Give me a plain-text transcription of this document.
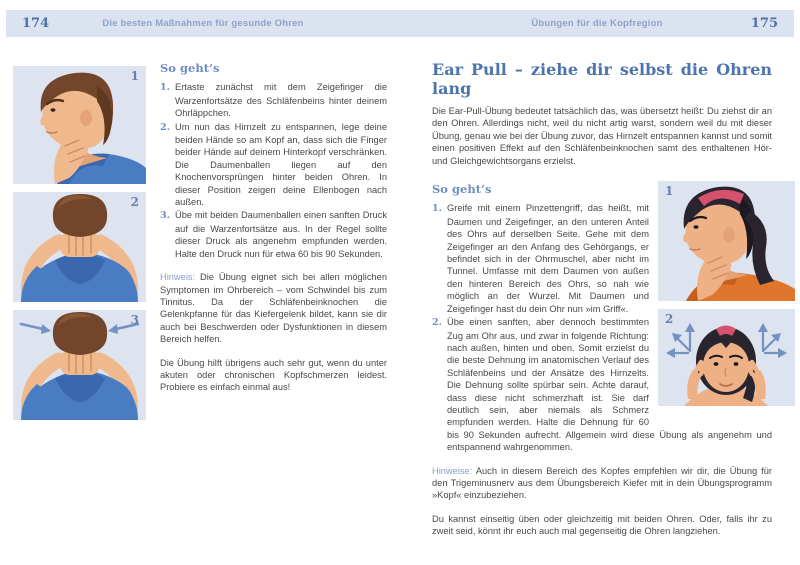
174	Die besten Maßnahmen für gesunde Ohren	Übungen für die Kopfregion	175
1
2
3
So geht’s

1. Ertaste zunächst mit dem Zeigefinger die Warzenfortsätze des Schläfenbeins hinter deinem Ohrläppchen.

2. Um nun das Hirnzelt zu entspannen, lege deine beiden Hände so am Kopf an, dass sich die Finger beider Hände auf deinem Hinterkopf verschränken. Die Daumenballen liegen auf den Knochenvorsprüngen hinter beiden Ohren. In dieser Position zeigen deine Ellenbogen nach außen.

3. Übe mit beiden Daumenballen einen sanften Druck auf die Warzenfortsätze aus. In der Regel sollte dieser Druck als angenehm empfunden werden. Halte den Druck nun für etwa 60 bis 90 Sekunden.

Hinweis: Die Übung eignet sich bei allen möglichen Symptomen im Ohrbereich – vom Schwindel bis zum Tinnitus. Da der Schläfenbeinknochen die Gelenkpfanne für das Kiefergelenk bildet, kann sie dir auch bei Beschwerden oder Dysfunktionen in diesem Bereich helfen.

Die Übung hilft übrigens auch sehr gut, wenn du unter akuten oder chronischen Kopfschmerzen leidest. Probiere es einfach einmal aus!

Ear Pull – ziehe dir selbst die Ohren lang

Die Ear-Pull-Übung bedeutet tatsächlich das, was übersetzt heißt: Du ziehst dir an den Ohren. Allerdings nicht, weil du nicht artig warst, sondern weil du mit dieser Übung, genau wie bei der Übung zuvor, das Hirnzelt entspannen kannst und somit einen positiven Effekt auf den Schläfenbeinknochen samt des enthaltenen Hör- und Gleichgewichtsorgans erzielst.

1
2
So geht’s

1. Greife mit einem Pinzettengriff, das heißt, mit Daumen und Zeigefinger, an den unteren Anteil des Ohrs auf derselben Seite. Gehe mit dem Zeigefinger an den Anfang des Gehörgangs, er befindet sich in der Ohrmuschel, aber nicht im Tunnel. Umfasse mit dem Daumen von außen den hinteren Bereich des Ohrs, so nah wie möglich an der Wurzel. Mit Daumen und Zeigefinger hast du dein Ohr nun »im Griff«.

2. Übe einen sanften, aber dennoch bestimmten Zug am Ohr aus, und zwar in folgende Richtung: nach außen, hinten und oben. Somit erzielst du die beste Dehnung im anatomischen Verlauf des Schläfenbeins und der Ansätze des Hirnzelts. Die Dehnung sollte spürbar sein. Achte darauf, dass diese nicht schmerzhaft ist. Sie darf deutlich sein, aber niemals als Schmerz empfunden werden. Halte die Dehnung für 60 bis 90 Sekunden aufrecht. Allgemein wird diese Übung als angenehm und entspannend wahrgenommen.

Hinweise: Auch in diesem Bereich des Kopfes empfehlen wir dir, die Übung für den Trigeminusnerv aus dem Übungsbereich Kiefer mit in dein Übungsprogramm »Kopf« einzubeziehen.

Du kannst einseitig üben oder gleichzeitig mit beiden Ohren. Oder, falls ihr zu zweit seid, könnt ihr euch auch mal gegenseitig die Ohren langziehen.
